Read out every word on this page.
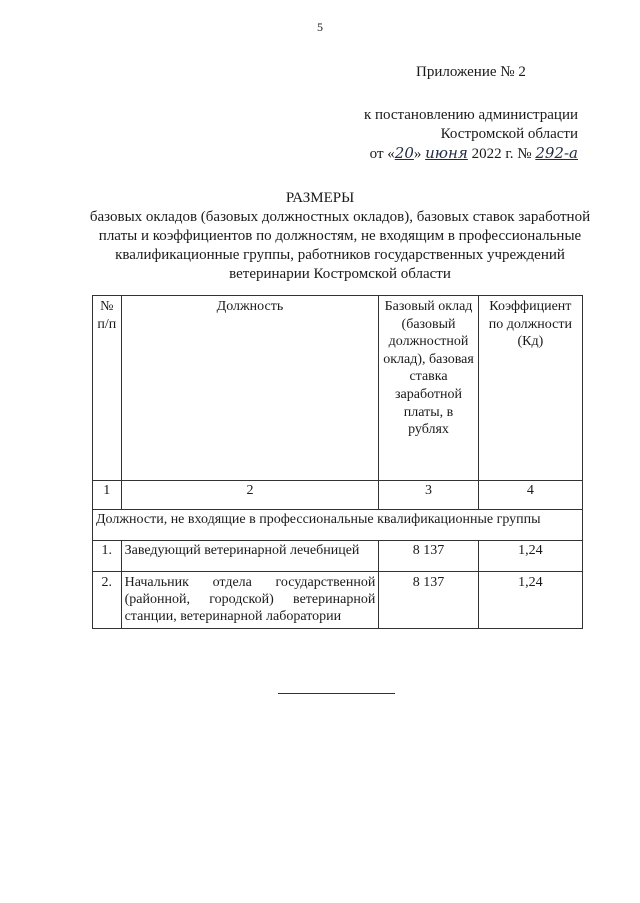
5
Приложение № 2
к постановлению администрации
Костромской области
от «20» июня 2022 г. № 292-а
РАЗМЕРЫ
базовых окладов (базовых должностных окладов), базовых ставок заработной платы и коэффициентов по должностям, не входящим в профессиональные квалификационные группы, работников государственных учреждений ветеринарии Костромской области
№ п/п	Должность	Базовый оклад (базовый должностной оклад), базовая ставка заработной платы, в рублях	Коэффициент по должности (Кд)
1	2	3	4
Должности, не входящие в профессиональные квалификационные группы			
1.	Заведующий ветеринарной лечебницей	8 137	1,24
2.	Начальник отдела государственной (районной, городской) ветеринарной станции, ветеринарной лаборатории	8 137	1,24
